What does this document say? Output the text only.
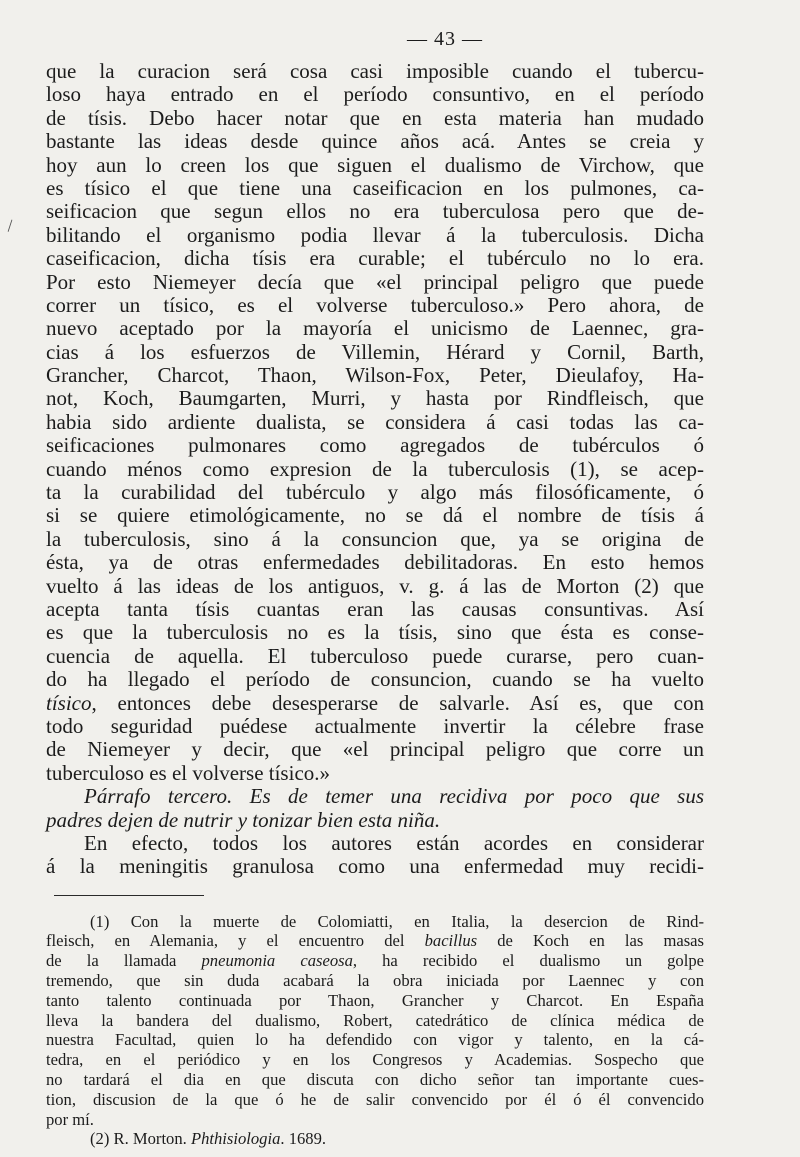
ǀ
— 43 —
que la curacion será cosa casi imposible cuando el tubercu-
loso haya entrado en el período consuntivo, en el período
de tísis. Debo hacer notar que en esta materia han mudado
bastante las ideas desde quince años acá. Antes se creia y
hoy aun lo creen los que siguen el dualismo de Virchow, que
es tísico el que tiene una caseificacion en los pulmones, ca-
seificacion que segun ellos no era tuberculosa pero que de-
bilitando el organismo podia llevar á la tuberculosis. Dicha
caseificacion, dicha tísis era curable; el tubérculo no lo era.
Por esto Niemeyer decía que «el principal peligro que puede
correr un tísico, es el volverse tuberculoso.» Pero ahora, de
nuevo aceptado por la mayoría el unicismo de Laennec, gra-
cias á los esfuerzos de Villemin, Hérard y Cornil, Barth,
Grancher, Charcot, Thaon, Wilson-Fox, Peter, Dieulafoy, Ha-
not, Koch, Baumgarten, Murri, y hasta por Rindfleisch, que
habia sido ardiente dualista, se considera á casi todas las ca-
seificaciones pulmonares como agregados de tubérculos ó
cuando ménos como expresion de la tuberculosis (1), se acep-
ta la curabilidad del tubérculo y algo más filosóficamente, ó
si se quiere etimológicamente, no se dá el nombre de tísis á
la tuberculosis, sino á la consuncion que, ya se origina de
ésta, ya de otras enfermedades debilitadoras. En esto hemos
vuelto á las ideas de los antiguos, v. g. á las de Morton (2) que
acepta tanta tísis cuantas eran las causas consuntivas. Así
es que la tuberculosis no es la tísis, sino que ésta es conse-
cuencia de aquella. El tuberculoso puede curarse, pero cuan-
do ha llegado el período de consuncion, cuando se ha vuelto
tísico, entonces debe desesperarse de salvarle. Así es, que con
todo seguridad puédese actualmente invertir la célebre frase
de Niemeyer y decir, que «el principal peligro que corre un
tuberculoso es el volverse tísico.»
Párrafo tercero. Es de temer una recidiva por poco que sus
padres dejen de nutrir y tonizar bien esta niña.
En efecto, todos los autores están acordes en considerar
á la meningitis granulosa como una enfermedad muy recidi-
(1) Con la muerte de Colomiatti, en Italia, la desercion de Rind-
fleisch, en Alemania, y el encuentro del bacillus de Koch en las masas
de la llamada pneumonia caseosa, ha recibido el dualismo un golpe
tremendo, que sin duda acabará la obra iniciada por Laennec y con
tanto talento continuada por Thaon, Grancher y Charcot. En España
lleva la bandera del dualismo, Robert, catedrático de clínica médica de
nuestra Facultad, quien lo ha defendido con vigor y talento, en la cá-
tedra, en el periódico y en los Congresos y Academias. Sospecho que
no tardará el dia en que discuta con dicho señor tan importante cues-
tion, discusion de la que ó he de salir convencido por él ó él convencido
por mí.
(2) R. Morton. Phthisiologia. 1689.
